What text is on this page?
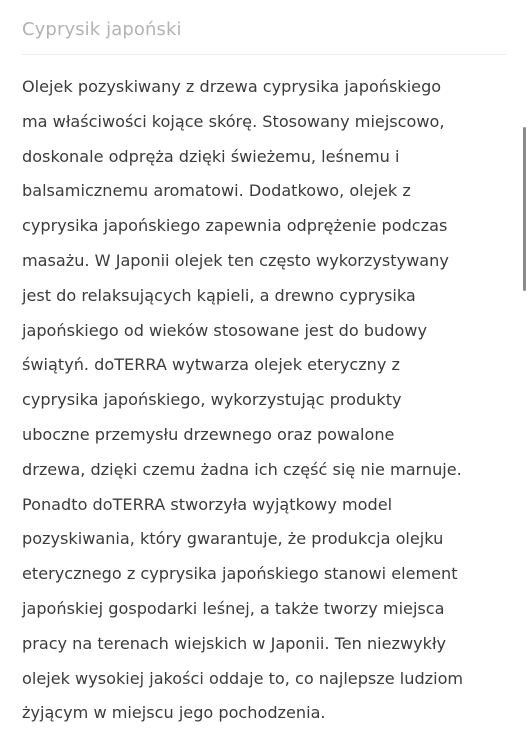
Cyprysik japoński
Olejek pozyskiwany z drzewa cyprysika japońskiego
ma właściwości kojące skórę. Stosowany miejscowo,
doskonale odpręża dzięki świeżemu, leśnemu i
balsamicznemu aromatowi. Dodatkowo, olejek z
cyprysika japońskiego zapewnia odprężenie podczas
masażu. W Japonii olejek ten często wykorzystywany
jest do relaksujących kąpieli, a drewno cyprysika
japońskiego od wieków stosowane jest do budowy
świątyń. doTERRA wytwarza olejek eteryczny z
cyprysika japońskiego, wykorzystując produkty
uboczne przemysłu drzewnego oraz powalone
drzewa, dzięki czemu żadna ich część się nie marnuje.
Ponadto doTERRA stworzyła wyjątkowy model
pozyskiwania, który gwarantuje, że produkcja olejku
eterycznego z cyprysika japońskiego stanowi element
japońskiej gospodarki leśnej, a także tworzy miejsca
pracy na terenach wiejskich w Japonii. Ten niezwykły
olejek wysokiej jakości oddaje to, co najlepsze ludziom
żyjącym w miejscu jego pochodzenia.
